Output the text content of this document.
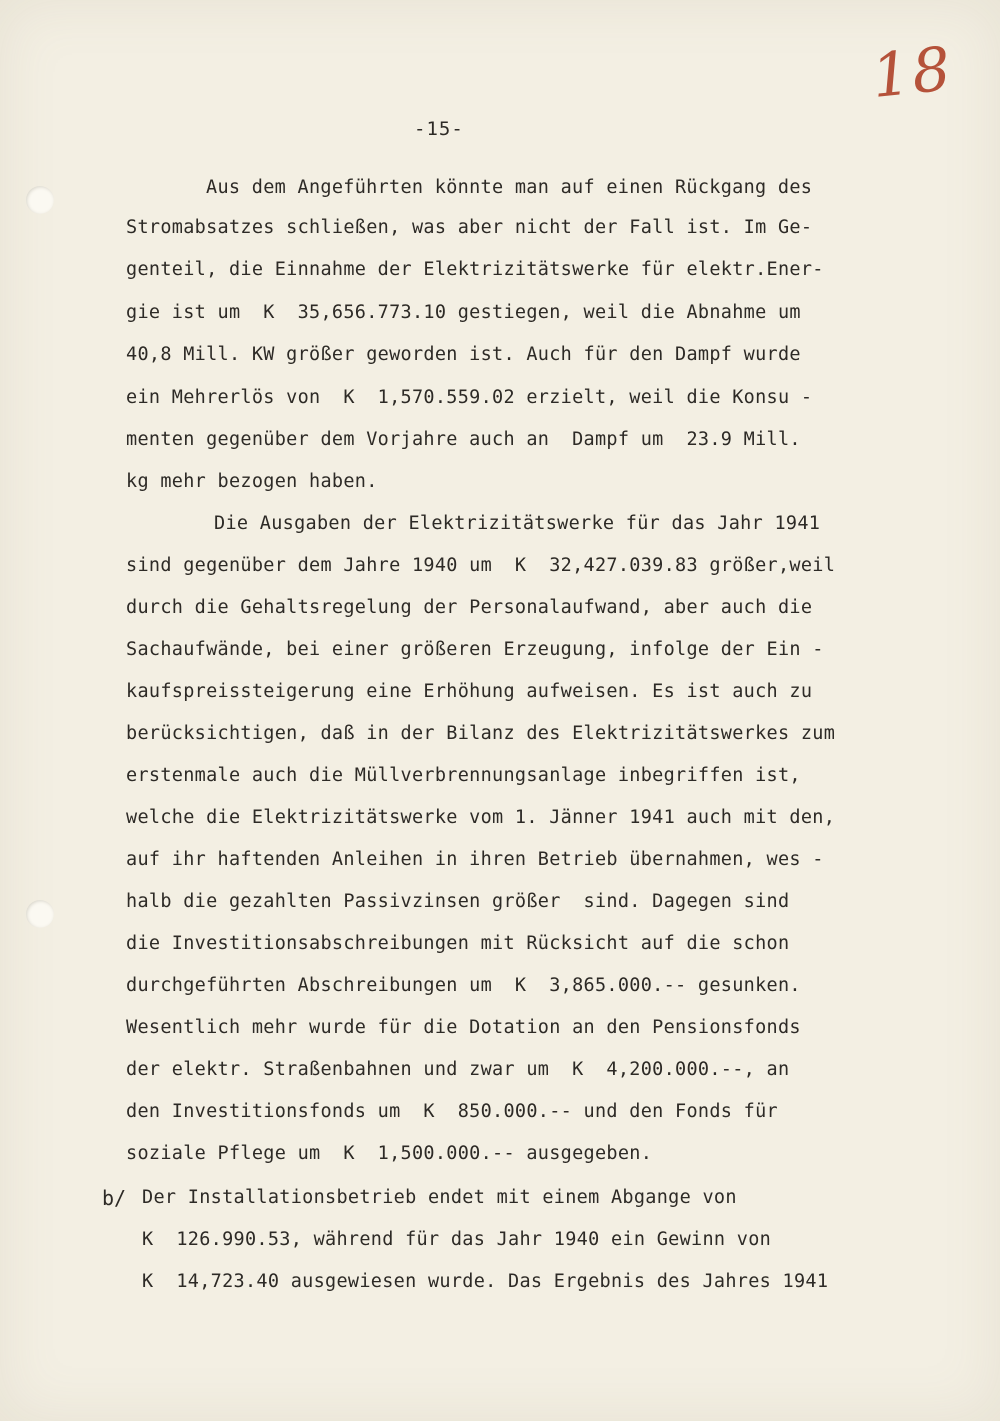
18
-15-
b/
Aus dem Angeführten könnte man auf einen Rückgang des
Stromabsatzes schließen, was aber nicht der Fall ist. Im Ge-
genteil, die Einnahme der Elektrizitätswerke für elektr.Ener-
gie ist um  K  35,656.773.10 gestiegen, weil die Abnahme um
40,8 Mill. KW größer geworden ist. Auch für den Dampf wurde
ein Mehrerlös von  K  1,570.559.02 erzielt, weil die Konsu -
menten gegenüber dem Vorjahre auch an  Dampf um  23.9 Mill.
kg mehr bezogen haben.
Die Ausgaben der Elektrizitätswerke für das Jahr 1941
sind gegenüber dem Jahre 1940 um  K  32,427.039.83 größer,weil
durch die Gehaltsregelung der Personalaufwand, aber auch die
Sachaufwände, bei einer größeren Erzeugung, infolge der Ein -
kaufspreissteigerung eine Erhöhung aufweisen. Es ist auch zu
berücksichtigen, daß in der Bilanz des Elektrizitätswerkes zum
erstenmale auch die Müllverbrennungsanlage inbegriffen ist,
welche die Elektrizitätswerke vom 1. Jänner 1941 auch mit den,
auf ihr haftenden Anleihen in ihren Betrieb übernahmen, wes -
halb die gezahlten Passivzinsen größer  sind. Dagegen sind
die Investitionsabschreibungen mit Rücksicht auf die schon
durchgeführten Abschreibungen um  K  3,865.000.-- gesunken.
Wesentlich mehr wurde für die Dotation an den Pensionsfonds
der elektr. Straßenbahnen und zwar um  K  4,200.000.--, an
den Investitionsfonds um  K  850.000.-- und den Fonds für
soziale Pflege um  K  1,500.000.-- ausgegeben.
Der Installationsbetrieb endet mit einem Abgange von
K  126.990.53, während für das Jahr 1940 ein Gewinn von
K  14,723.40 ausgewiesen wurde. Das Ergebnis des Jahres 1941
